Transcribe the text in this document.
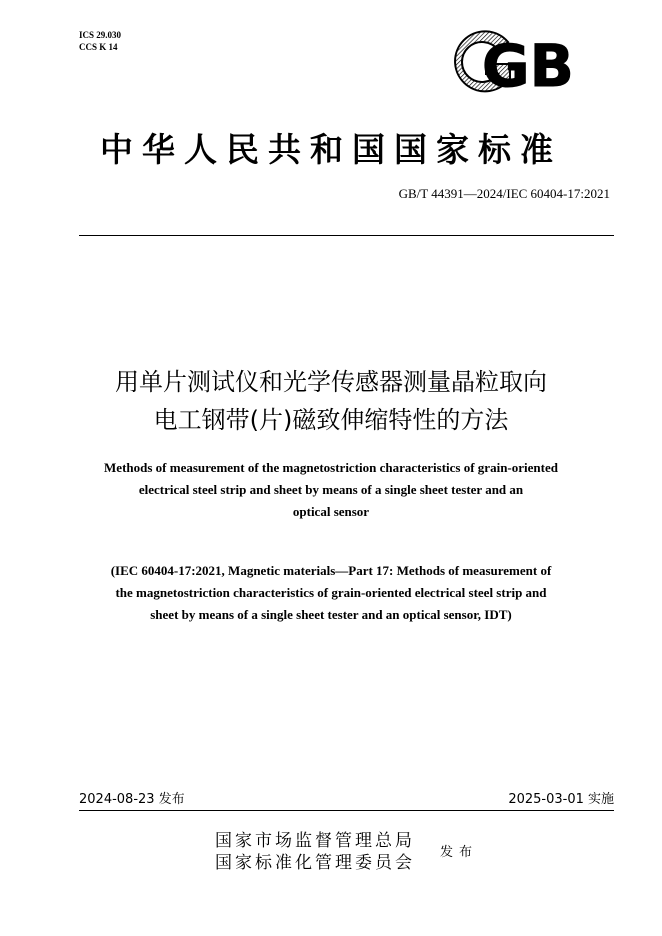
ICS 29.030
CCS K 14	GB
中华人民共和国国家标准
GB/T 44391—2024/IEC 60404-17:2021
用单片测试仪和光学传感器测量晶粒取向
电工钢带(片)磁致伸缩特性的方法
Methods of measurement of the magnetostriction characteristics of grain-oriented
electrical steel strip and sheet by means of a single sheet tester and an
optical sensor
(IEC 60404-17:2021, Magnetic materials—Part 17: Methods of measurement of
the magnetostriction characteristics of grain-oriented electrical steel strip and
sheet by means of a single sheet tester and an optical sensor, IDT)
2024-08-23 发布	2025-03-01 实施
国家市场监督管理总局
国家标准化管理委员会
发布
